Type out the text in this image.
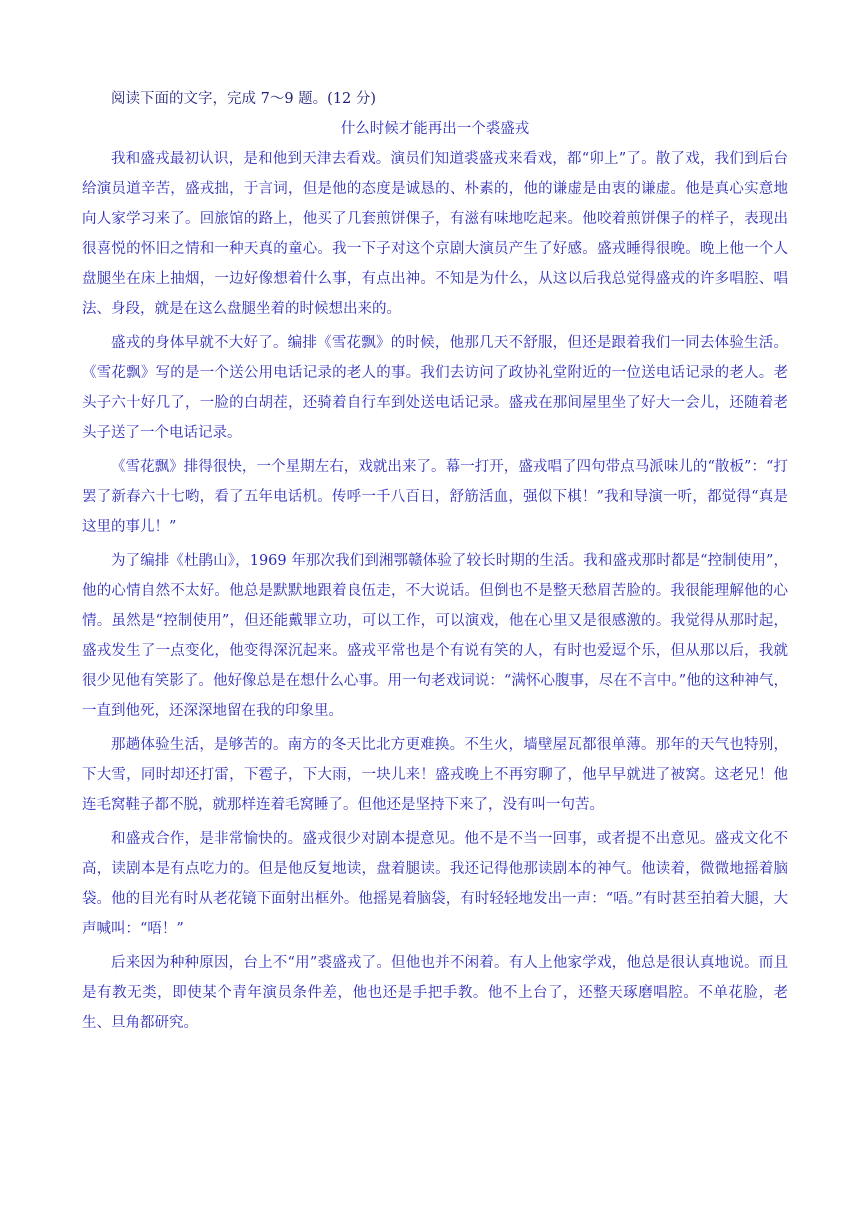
阅读下面的文字，完成 7～9 题。(12 分)

什么时候才能再出一个裘盛戎

我和盛戎最初认识，是和他到天津去看戏。演员们知道裘盛戎来看戏，都“卯上”了。散了戏，我们到后台给演员道辛苦，盛戎拙，于言词，但是他的态度是诚恳的、朴素的，他的谦虚是由衷的谦虚。他是真心实意地向人家学习来了。回旅馆的路上，他买了几套煎饼倮子，有滋有味地吃起来。他咬着煎饼倮子的样子，表现出很喜悦的怀旧之情和一种天真的童心。我一下子对这个京剧大演员产生了好感。盛戎睡得很晚。晚上他一个人盘腿坐在床上抽烟，一边好像想着什么事，有点出神。不知是为什么，从这以后我总觉得盛戎的许多唱腔、唱法、身段，就是在这么盘腿坐着的时候想出来的。

盛戎的身体早就不大好了。编排《雪花飘》的时候，他那几天不舒服，但还是跟着我们一同去体验生活。《雪花飘》写的是一个送公用电话记录的老人的事。我们去访问了政协礼堂附近的一位送电话记录的老人。老头子六十好几了，一脸的白胡茬，还骑着自行车到处送电话记录。盛戎在那间屋里坐了好大一会儿，还随着老头子送了一个电话记录。

《雪花飘》排得很快，一个星期左右，戏就出来了。幕一打开，盛戎唱了四句带点马派味儿的“散板”：“打罢了新春六十七哟，看了五年电话机。传呼一千八百日，舒筋活血，强似下棋！”我和导演一听，都觉得“真是这里的事儿！”

为了编排《杜鹃山》，1969 年那次我们到湘鄂赣体验了较长时期的生活。我和盛戎那时都是“控制使用”，他的心情自然不太好。他总是默默地跟着良伍走，不大说话。但倒也不是整天愁眉苦脸的。我很能理解他的心情。虽然是“控制使用”，但还能戴罪立功，可以工作，可以演戏，他在心里又是很感激的。我觉得从那时起，盛戎发生了一点变化，他变得深沉起来。盛戎平常也是个有说有笑的人，有时也爱逗个乐，但从那以后，我就很少见他有笑影了。他好像总是在想什么心事。用一句老戏词说：“满怀心腹事，尽在不言中。”他的这种神气，一直到他死，还深深地留在我的印象里。

那趟体验生活，是够苦的。南方的冬天比北方更难换。不生火，墙壁屋瓦都很单薄。那年的天气也特别，下大雪，同时却还打雷，下雹子，下大雨，一块儿来！盛戎晚上不再穷聊了，他早早就进了被窝。这老兄！他连毛窝鞋子都不脱，就那样连着毛窝睡了。但他还是坚持下来了，没有叫一句苦。

和盛戎合作，是非常愉快的。盛戎很少对剧本提意见。他不是不当一回事，或者提不出意见。盛戎文化不高，读剧本是有点吃力的。但是他反复地读，盘着腿读。我还记得他那读剧本的神气。他读着，微微地摇着脑袋。他的目光有时从老花镜下面射出框外。他摇晃着脑袋，有时轻轻地发出一声：“唔。”有时甚至拍着大腿，大声喊叫：“唔！”

后来因为种种原因，台上不“用”裘盛戎了。但他也并不闲着。有人上他家学戏，他总是很认真地说。而且是有教无类，即使某个青年演员条件差，他也还是手把手教。他不上台了，还整天琢磨唱腔。不单花脸，老生、旦角都研究。
